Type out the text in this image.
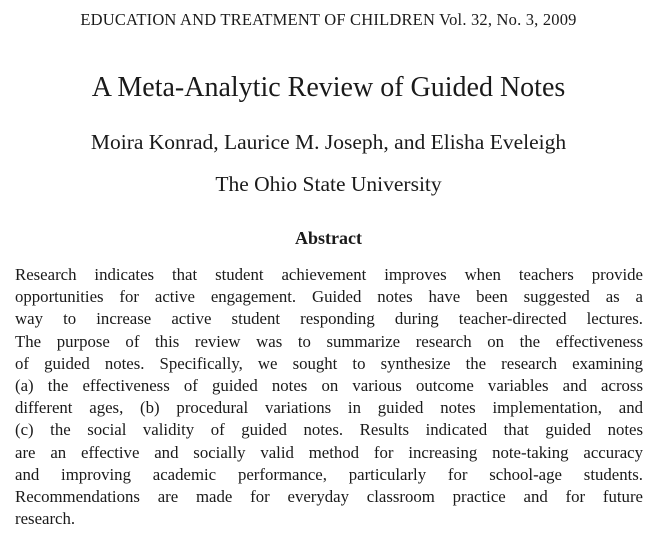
EDUCATION AND TREATMENT OF CHILDREN Vol. 32, No. 3, 2009
A Meta-Analytic Review of Guided Notes
Moira Konrad, Laurice M. Joseph, and Elisha Eveleigh
The Ohio State University
Abstract
Research indicates that student achievement improves when teachers provide
opportunities for active engagement. Guided notes have been suggested as a
way to increase active student responding during teacher-directed lectures.
The purpose of this review was to summarize research on the effectiveness
of guided notes. Specifically, we sought to synthesize the research examining
(a) the effectiveness of guided notes on various outcome variables and across
different ages, (b) procedural variations in guided notes implementation, and
(c) the social validity of guided notes. Results indicated that guided notes
are an effective and socially valid method for increasing note-taking accuracy
and improving academic performance, particularly for school-age students.
Recommendations are made for everyday classroom practice and for future
research.
